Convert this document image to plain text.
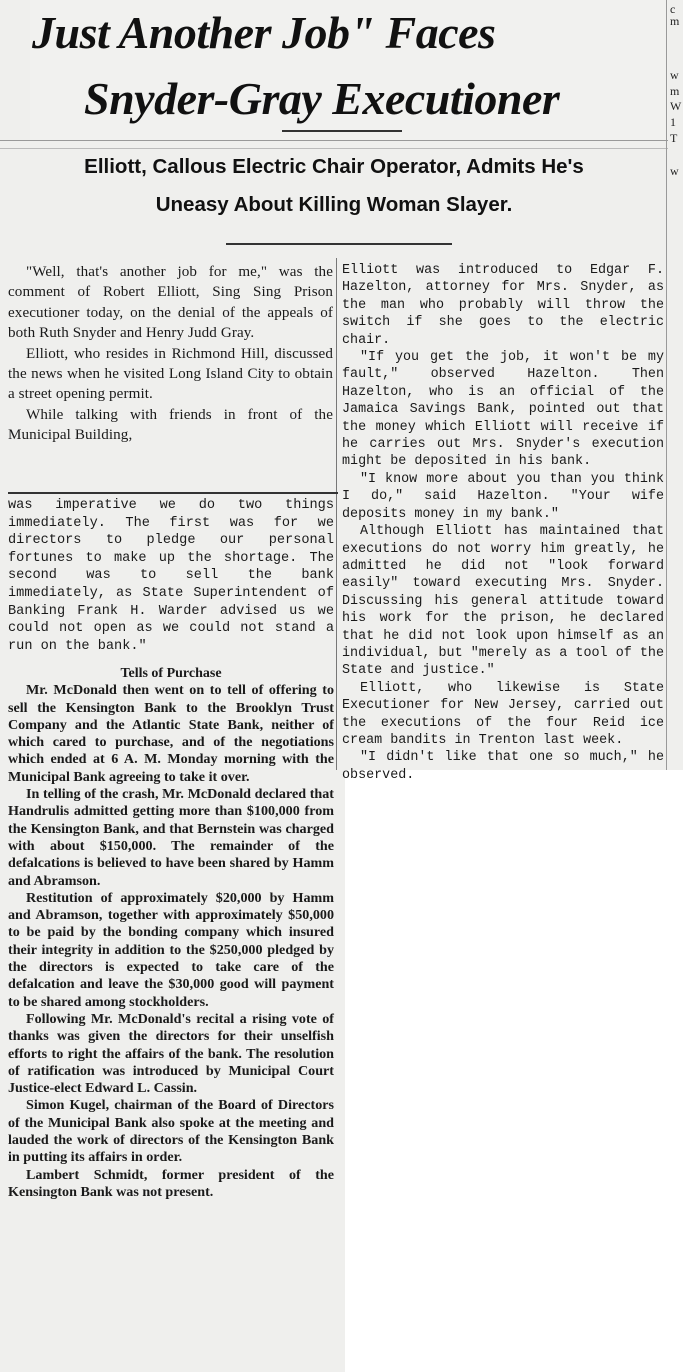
Just Another Job" Faces
Snyder-Gray Executioner
Elliott, Callous Electric Chair Operator, Admits He's
Uneasy About Killing Woman Slayer.

"Well, that's another job for me," was the comment of Robert Elliott, Sing Sing Prison executioner today, on the denial of the appeals of both Ruth Snyder and Henry Judd Gray.

Elliott, who resides in Richmond Hill, discussed the news when he visited Long Island City to obtain a street opening permit.

While talking with friends in front of the Municipal Building,

was imperative we do two things immediately. The first was for we directors to pledge our personal fortunes to make up the shortage. The second was to sell the bank immediately, as State Superintendent of Banking Frank H. Warder advised us we could not open as we could not stand a run on the bank."

Elliott was introduced to Edgar F. Hazelton, attorney for Mrs. Snyder, as the man who probably will throw the switch if she goes to the electric chair.

"If you get the job, it won't be my fault," observed Hazelton. Then Hazelton, who is an official of the Jamaica Savings Bank, pointed out that the money which Elliott will receive if he carries out Mrs. Snyder's execution might be deposited in his bank.

"I know more about you than you think I do," said Hazelton. "Your wife deposits money in my bank."

Although Elliott has maintained that executions do not worry him greatly, he admitted he did not "look forward easily" toward executing Mrs. Snyder. Discussing his general attitude toward his work for the prison, he declared that he did not look upon himself as an individual, but "merely as a tool of the State and justice."

Elliott, who likewise is State Executioner for New Jersey, carried out the executions of the four Reid ice cream bandits in Trenton last week.

"I didn't like that one so much," he observed.

Tells of Purchase

Mr. McDonald then went on to tell of offering to sell the Kensington Bank to the Brooklyn Trust Company and the Atlantic State Bank, neither of which cared to purchase, and of the negotiations which ended at 6 A. M. Monday morning with the Municipal Bank agreeing to take it over.

In telling of the crash, Mr. McDonald declared that Handrulis admitted getting more than $100,000 from the Kensington Bank, and that Bernstein was charged with about $150,000. The remainder of the defalcations is believed to have been shared by Hamm and Abramson.

Restitution of approximately $20,000 by Hamm and Abramson, together with approximately $50,000 to be paid by the bonding company which insured their integrity in addition to the $250,000 pledged by the directors is expected to take care of the defalcation and leave the $30,000 good will payment to be shared among stockholders.

Following Mr. McDonald's recital a rising vote of thanks was given the directors for their unselfish efforts to right the affairs of the bank. The resolution of ratification was introduced by Municipal Court Justice-elect Edward L. Cassin.

Simon Kugel, chairman of the Board of Directors of the Municipal Bank also spoke at the meeting and lauded the work of directors of the Kensington Bank in putting its affairs in order.

Lambert Schmidt, former president of the Kensington Bank was not present.

c
m
w
m
W
1
T
w
